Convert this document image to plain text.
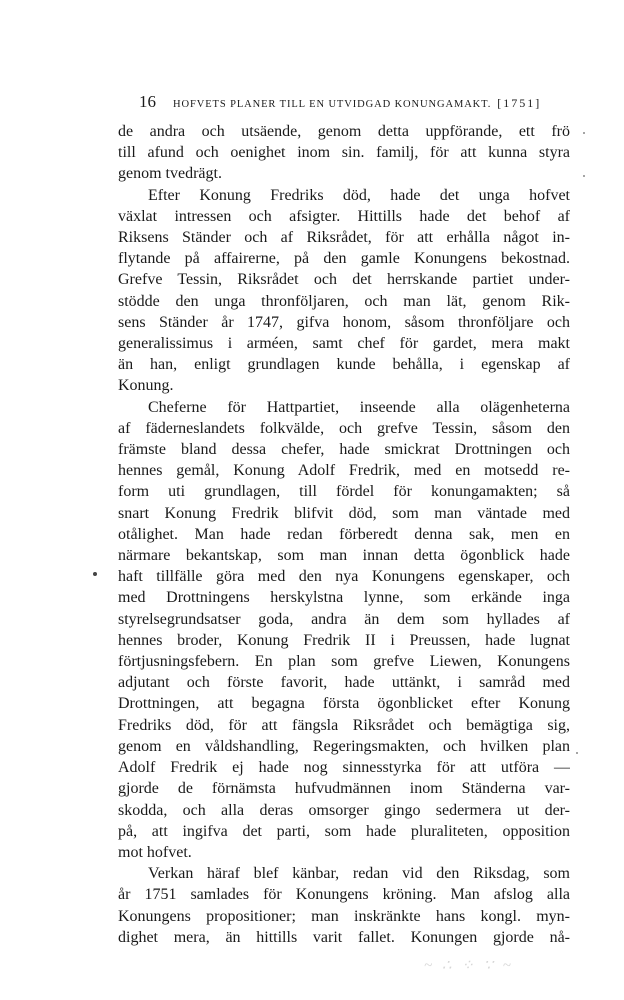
16	HOFVETS PLANER TILL EN UTVIDGAD KONUNGAMAKT. [1751]
de andra och utsäende, genom detta uppförande, ett frö
till afund och oenighet inom sin. familj, för att kunna styra
genom tvedrägt.
Efter Konung Fredriks död, hade det unga hofvet
växlat intressen och afsigter. Hittills hade det behof af
Riksens Ständer och af Riksrådet, för att erhålla något in-
flytande på affairerne, på den gamle Konungens bekostnad.
Grefve Tessin, Riksrådet och det herrskande partiet under-
stödde den unga thronföljaren, och man lät, genom Rik-
sens Ständer år 1747, gifva honom, såsom thronföljare och
generalissimus i arméen, samt chef för gardet, mera makt
än han, enligt grundlagen kunde behålla, i egenskap af
Konung.
Cheferne för Hattpartiet, inseende alla olägenheterna
af fäderneslandets folkvälde, och grefve Tessin, såsom den
främste bland dessa chefer, hade smickrat Drottningen och
hennes gemål, Konung Adolf Fredrik, med en motsedd re-
form uti grundlagen, till fördel för konungamakten; så
snart Konung Fredrik blifvit död, som man väntade med
otålighet. Man hade redan förberedt denna sak, men en
närmare bekantskap, som man innan detta ögonblick hade
haft tillfälle göra med den nya Konungens egenskaper, och
med Drottningens herskylstna lynne, som erkände inga
styrelsegrundsatser goda, andra än dem som hyllades af
hennes broder, Konung Fredrik II i Preussen, hade lugnat
förtjusningsfebern. En plan som grefve Liewen, Konungens
adjutant och förste favorit, hade uttänkt, i samråd med
Drottningen, att begagna första ögonblicket efter Konung
Fredriks död, för att fängsla Riksrådet och bemägtiga sig,
genom en våldshandling, Regeringsmakten, och hvilken plan
Adolf Fredrik ej hade nog sinnesstyrka för att utföra —
gjorde de förnämsta hufvudmännen inom Ständerna var-
skodda, och alla deras omsorger gingo sedermera ut der-
på, att ingifva det parti, som hade pluraliteten, opposition
mot hofvet.
Verkan häraf blef känbar, redan vid den Riksdag, som
år 1751 samlades för Konungens kröning. Man afslog alla
Konungens propositioner; man inskränkte hans kongl. myn-
dighet mera, än hittills varit fallet. Konungen gjorde nå-
~ ∴ ⁘ ∵ ~
